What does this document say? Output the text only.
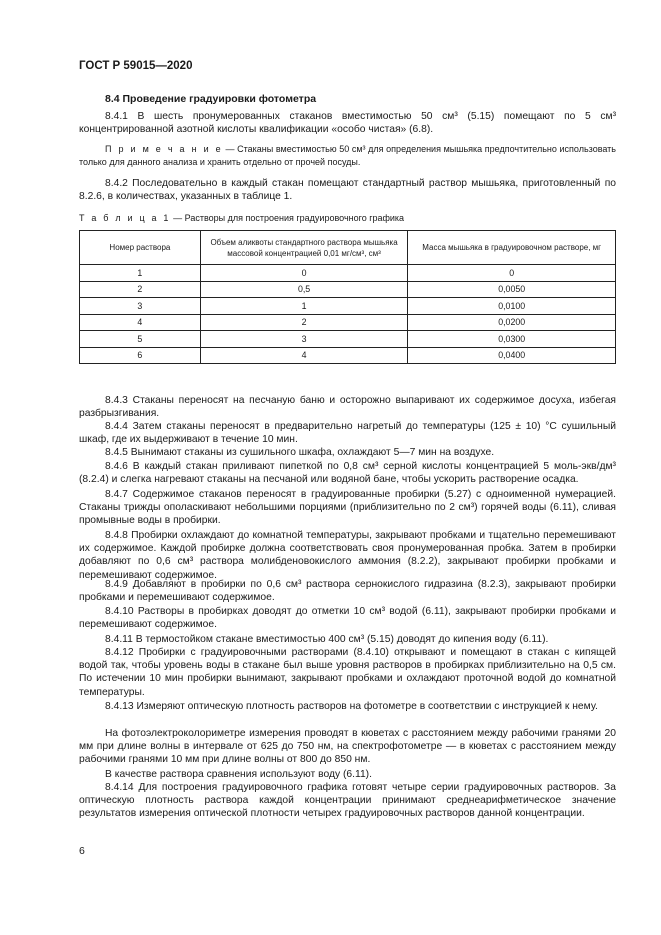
ГОСТ Р 59015—2020
8.4 Проведение градуировки фотометра
8.4.1 В шесть пронумерованных стаканов вместимостью 50 см³ (5.15) помещают по 5 см³ концентрированной азотной кислоты квалификации «особо чистая» (6.8).
П р и м е ч а н и е — Стаканы вместимостью 50 см³ для определения мышьяка предпочтительно использовать только для данного анализа и хранить отдельно от прочей посуды.
8.4.2 Последовательно в каждый стакан помещают стандартный раствор мышьяка, приготовленный по 8.2.6, в количествах, указанных в таблице 1.
Т а б л и ц а 1 — Растворы для построения градуировочного графика
Номер раствора	Объем аликвоты стандартного раствора мышьяка массовой концентрацией 0,01 мг/см³, см³	Масса мышьяка в градуировочном растворе, мг
1	0	0
2	0,5	0,0050
3	1	0,0100
4	2	0,0200
5	3	0,0300
6	4	0,0400
8.4.3 Стаканы переносят на песчаную баню и осторожно выпаривают их содержимое досуха, избегая разбрызгивания.
8.4.4 Затем стаканы переносят в предварительно нагретый до температуры (125 ± 10) °С сушильный шкаф, где их выдерживают в течение 10 мин.
8.4.5 Вынимают стаканы из сушильного шкафа, охлаждают 5—7 мин на воздухе.
8.4.6 В каждый стакан приливают пипеткой по 0,8 см³ серной кислоты концентрацией 5 моль-экв/дм³ (8.2.4) и слегка нагревают стаканы на песчаной или водяной бане, чтобы ускорить растворение осадка.
8.4.7 Содержимое стаканов переносят в градуированные пробирки (5.27) с одноименной нумерацией. Стаканы трижды ополаскивают небольшими порциями (приблизительно по 2 см³) горячей воды (6.11), сливая промывные воды в пробирки.
8.4.8 Пробирки охлаждают до комнатной температуры, закрывают пробками и тщательно перемешивают их содержимое. Каждой пробирке должна соответствовать своя пронумерованная пробка. Затем в пробирки добавляют по 0,6 см³ раствора молибденовокислого аммония (8.2.2), закрывают пробирки пробками и перемешивают содержимое.
8.4.9 Добавляют в пробирки по 0,6 см³ раствора сернокислого гидразина (8.2.3), закрывают пробирки пробками и перемешивают содержимое.
8.4.10 Растворы в пробирках доводят до отметки 10 см³ водой (6.11), закрывают пробирки пробками и перемешивают содержимое.
8.4.11 В термостойком стакане вместимостью 400 см³ (5.15) доводят до кипения воду (6.11).
8.4.12 Пробирки с градуировочными растворами (8.4.10) открывают и помещают в стакан с кипящей водой так, чтобы уровень воды в стакане был выше уровня растворов в пробирках приблизительно на 0,5 см. По истечении 10 мин пробирки вынимают, закрывают пробками и охлаждают проточной водой до комнатной температуры.
8.4.13 Измеряют оптическую плотность растворов на фотометре в соответствии с инструкцией к нему.
На фотоэлектроколориметре измерения проводят в кюветах с расстоянием между рабочими гранями 20 мм при длине волны в интервале от 625 до 750 нм, на спектрофотометре — в кюветах с расстоянием между рабочими гранями 10 мм при длине волны от 800 до 850 нм.
В качестве раствора сравнения используют воду (6.11).
8.4.14 Для построения градуировочного графика готовят четыре серии градуировочных растворов. За оптическую плотность раствора каждой концентрации принимают среднеарифметическое значение результатов измерения оптической плотности четырех градуировочных растворов данной концентрации.
6
